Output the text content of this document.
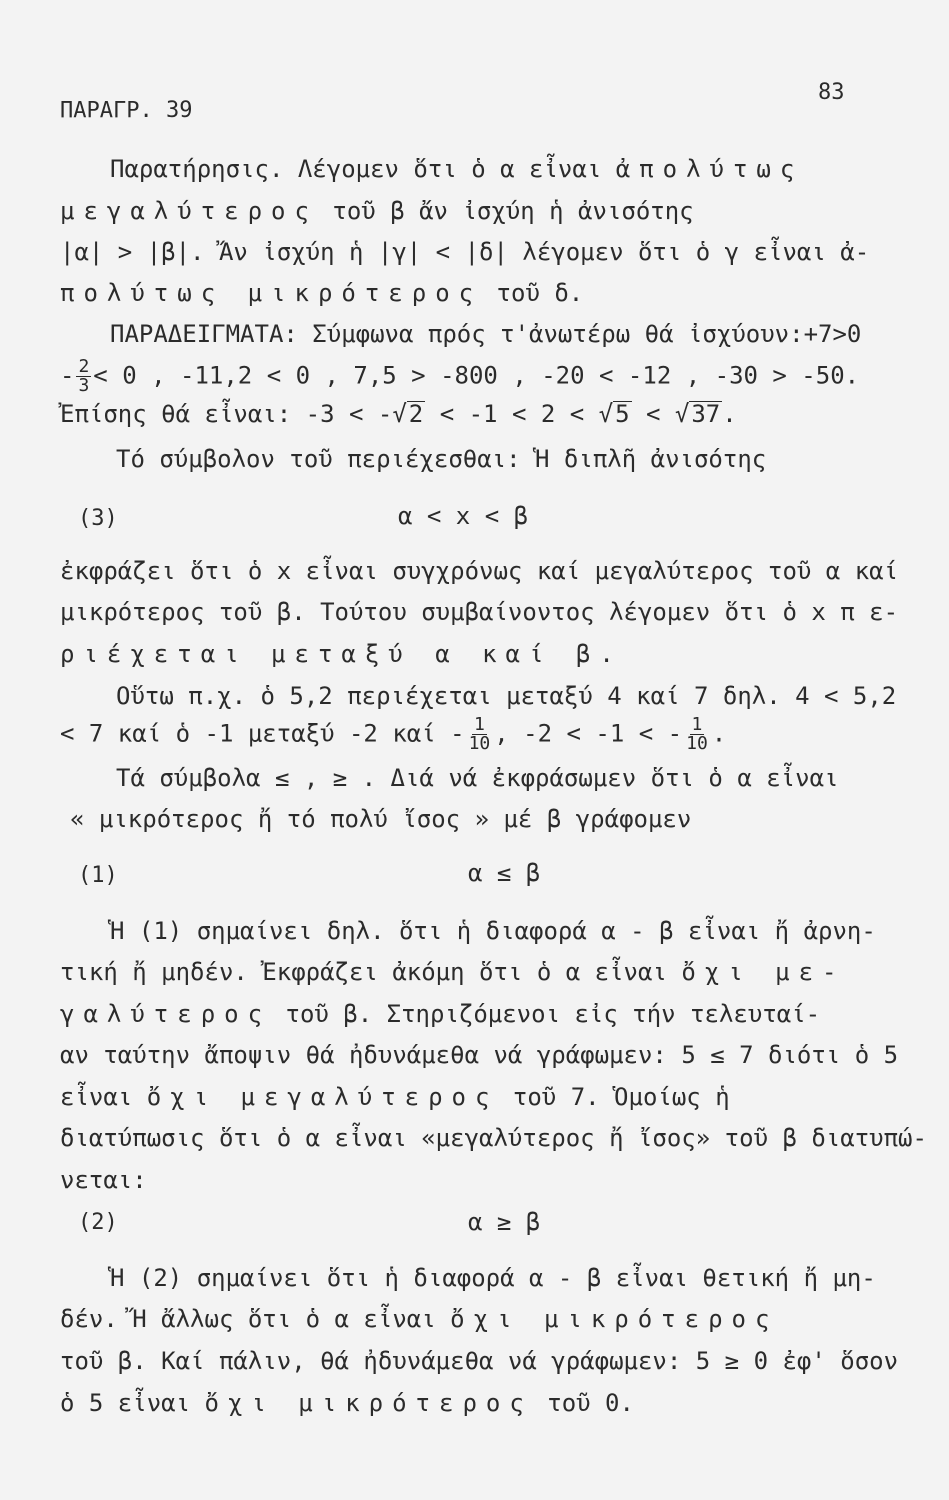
ΠΑΡΑΓΡ. 39
83
Παρατήρησις. Λέγομεν ὅτι ὁ α εἶναι ἀπολύτως
μεγαλύτερος τοῦ β ἄν ἰσχύη ἡ ἀνισότης
|α| > |β|. Ἄν ἰσχύη ἡ |γ| < |δ| λέγομεν ὅτι ὁ γ εἶναι ἀ-
πολύτως μικρότερος τοῦ δ.
ΠΑΡΑΔΕΙΓΜΑΤΑ: Σύμφωνα πρός τ'ἀνωτέρω θά ἰσχύουν:+7>0
- $\frac{2}{3} < 0$ , -11,2 < 0 , 7,5 > -800 , -20 < -12 , -30 > -50.
Ἐπίσης θά εἶναι: -3 < -√2 < -1 < 2 < √5 < √37.
Τό σύμβολον τοῦ περιέχεσθαι: Ἡ διπλῆ ἀνισότης
(3)	α < x < β
ἐκφράζει ὅτι ὁ x εἶναι συγχρόνως καί μεγαλύτερος τοῦ α καί
μικρότερος τοῦ β. Τούτου συμβαίνοντος λέγομεν ὅτι ὁ x π ε-
ριέχεται μεταξύ α καί β.
Οὕτω π.χ. ὁ 5,2 περιέχεται μεταξύ 4 καί 7 δηλ. 4 < 5,2
< 7 καί ὁ -1 μεταξύ -2 καί - $\frac{1}{10}$ , -2 < -1 < - $\frac{1}{10}$ .
Τά σύμβολα ≤ , ≥ . Διά νά ἐκφράσωμεν ὅτι ὁ α εἶναι
« μικρότερος ἤ τό πολύ ἴσος » μέ β γράφομεν
(1)	α ≤ β
Ἡ (1) σημαίνει δηλ. ὅτι ἡ διαφορά α - β εἶναι ἤ ἀρνη-
τική ἤ μηδέν. Ἐκφράζει ἀκόμη ὅτι ὁ α εἶναι ὄχι με-
γαλύτερος τοῦ β. Στηριζόμενοι εἰς τήν τελευταί-
αν ταύτην ἄποψιν θά ἠδυνάμεθα νά γράφωμεν: 5 ≤ 7 διότι ὁ 5
εἶναι ὄχι μεγαλύτερος τοῦ 7. Ὁμοίως ἡ
διατύπωσις ὅτι ὁ α εἶναι «μεγαλύτερος ἤ ἴσος» τοῦ β διατυπώ-
νεται:
(2)	α ≥ β
Ἡ (2) σημαίνει ὅτι ἡ διαφορά α - β εἶναι θετική ἤ μη-
δέν. Ἤ ἄλλως ὅτι ὁ α εἶναι ὄχι μικρότερος
τοῦ β. Καί πάλιν, θά ἠδυνάμεθα νά γράφωμεν: 5 ≥ 0 ἐφ' ὅσον
ὁ 5 εἶναι ὄχι μικρότερος τοῦ 0.
